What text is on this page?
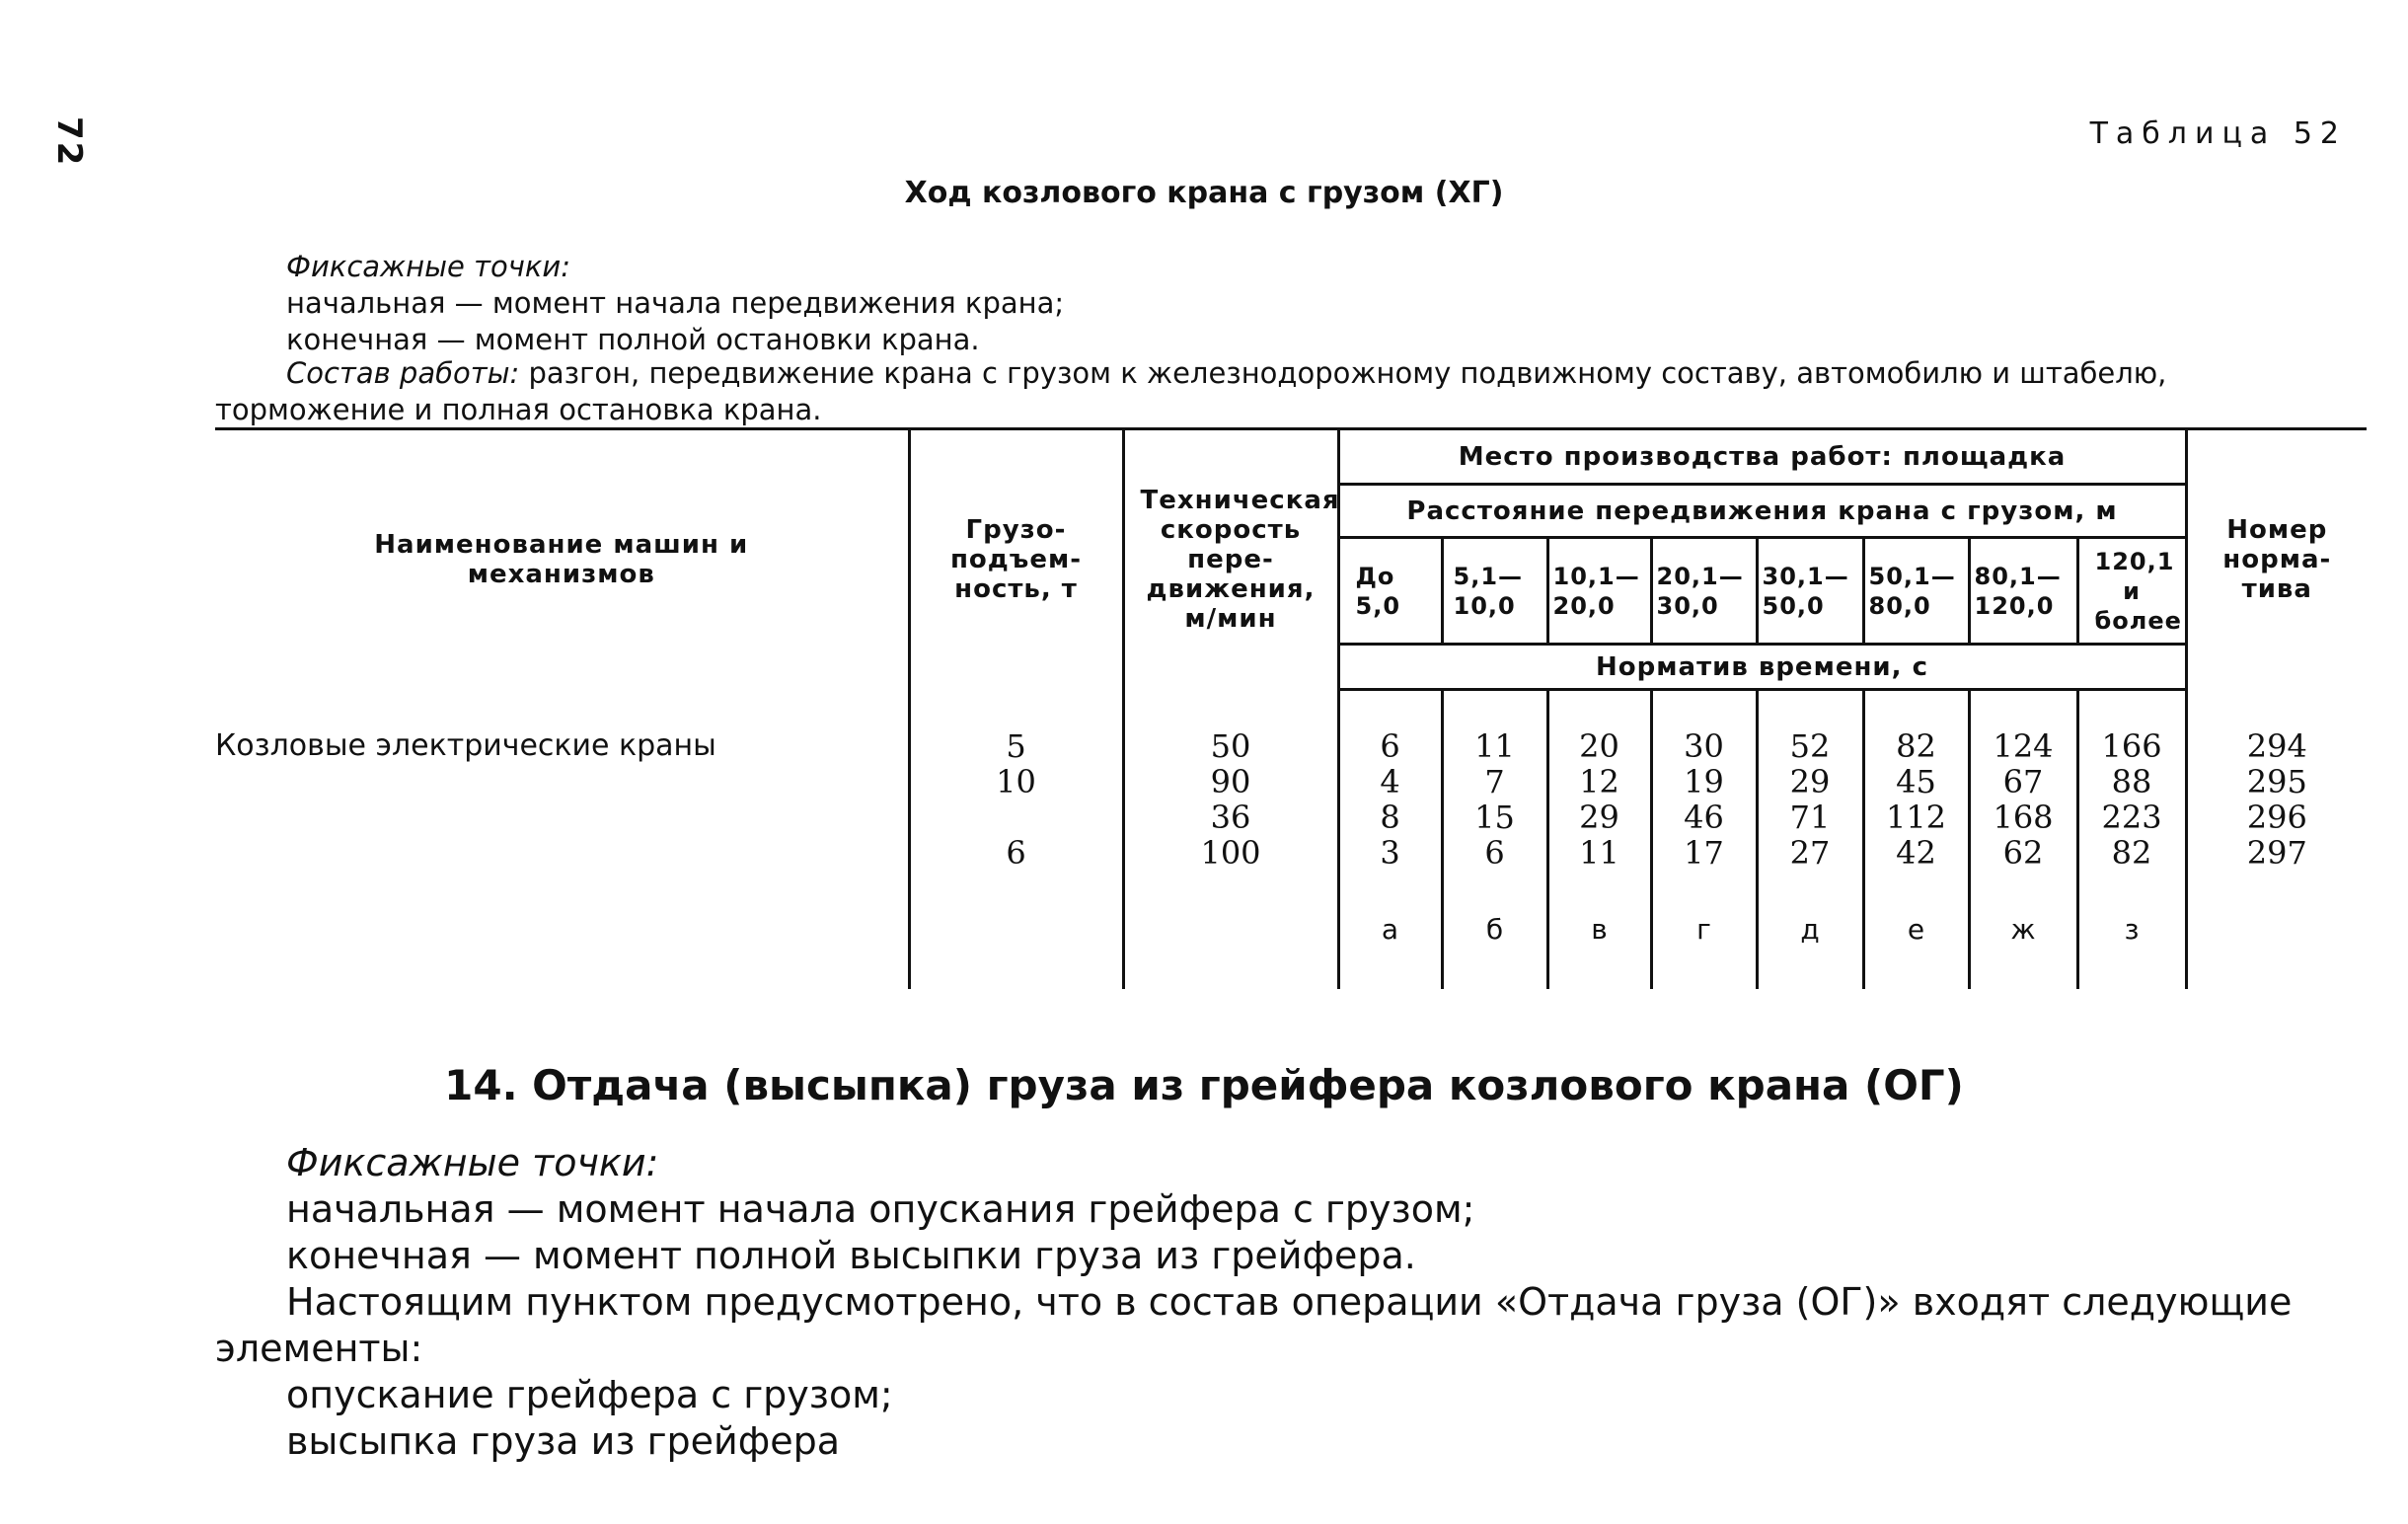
72	Таблица 52
Ход козлового крана с грузом (ХГ)
Фиксажные точки:
начальная — момент начала передвижения крана;
конечная — момент полной остановки крана.
Состав работы: разгон, передвижение крана с грузом к железнодорожному подвижному составу, автомобилю и штабелю,
торможение и полная остановка крана.
Наименование машин и механизмов	Грузо-подъем-ность, т	Техническая скорость пере-движения, м/мин	Место производства работ: площадка								Номер норма-тива
			Расстояние передвижения крана с грузом, м								
			До 5,0	5,1—10,0	10,1—20,0	20,1—30,0	30,1—50,0	50,1—80,0	80,1—120,0	120,1 и более	
			Норматив времени, с								

Козловые электрические краны	5	50	6	11	20	30	52	82	124	166	294
	10	90	4	7	12	19	29	45	67	88	295
		36	8	15	29	46	71	112	168	223	296
	6	100	3	6	11	17	27	42	62	82	297
			а	б	в	г	д	е	ж	з	
14. Отдача (высыпка) груза из грейфера козлового крана (ОГ)
Фиксажные точки:
начальная — момент начала опускания грейфера с грузом;
конечная — момент полной высыпки груза из грейфера.
Настоящим пунктом предусмотрено, что в состав операции «Отдача груза (ОГ)» входят следующие
элементы:
опускание грейфера с грузом;
высыпка груза из грейфера
